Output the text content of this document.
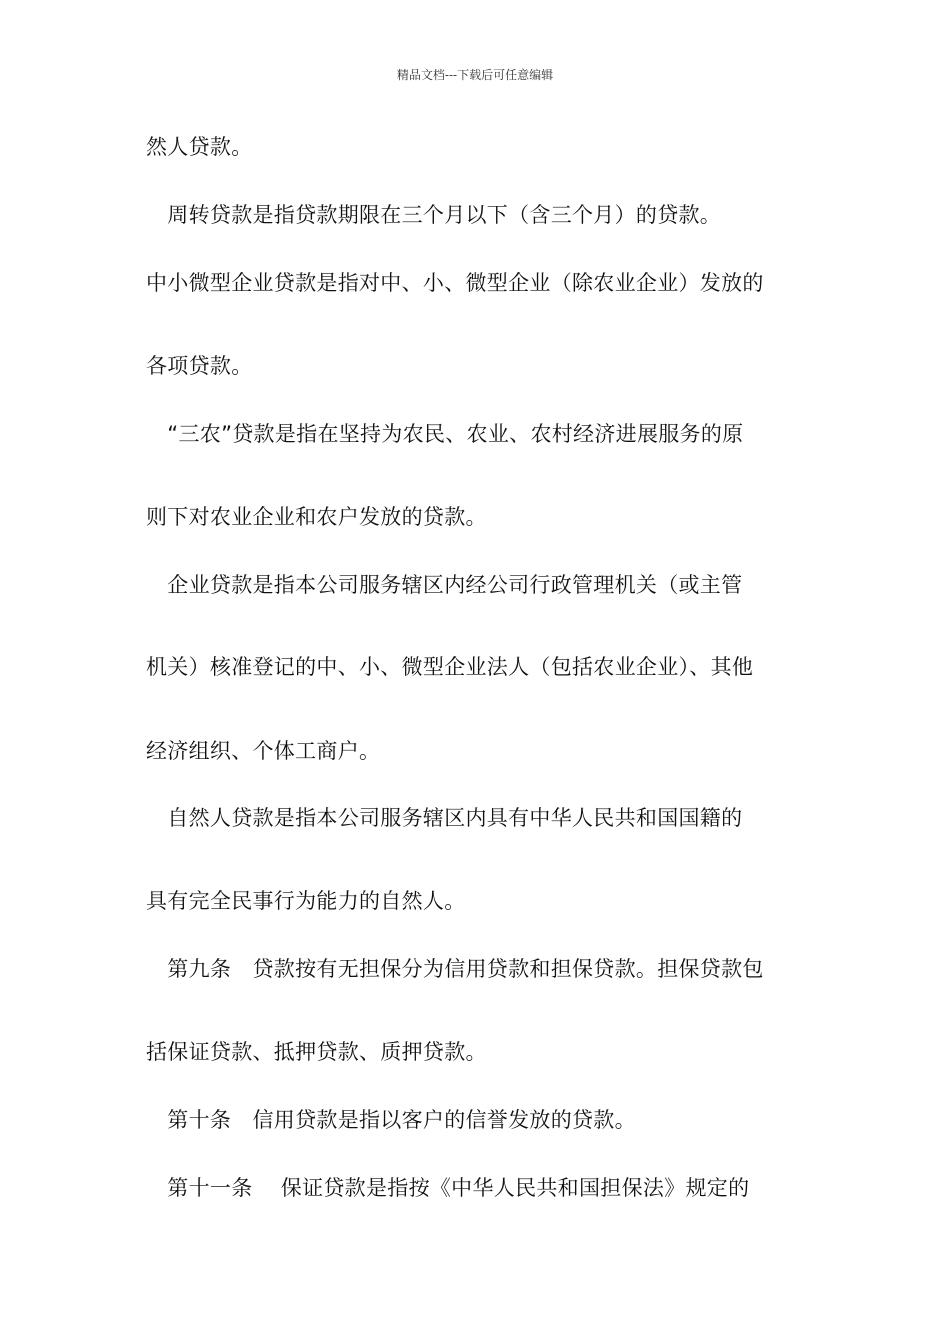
精品文档---下载后可任意编辑
然人贷款。
　周转贷款是指贷款期限在三个月以下（含三个月）的贷款。
中小微型企业贷款是指对中、小、微型企业（除农业企业）发放的
各项贷款。
　“三农”贷款是指在坚持为农民、农业、农村经济进展服务的原
则下对农业企业和农户发放的贷款。
　企业贷款是指本公司服务辖区内经公司行政管理机关（或主管
机关）核准登记的中、小、微型企业法人（包括农业企业）、其他
经济组织、个体工商户。
　自然人贷款是指本公司服务辖区内具有中华人民共和国国籍的
具有完全民事行为能力的自然人。
　第九条　贷款按有无担保分为信用贷款和担保贷款。担保贷款包
括保证贷款、抵押贷款、质押贷款。
　第十条　信用贷款是指以客户的信誉发放的贷款。
　第十一条　 保证贷款是指按《中华人民共和国担保法》规定的
